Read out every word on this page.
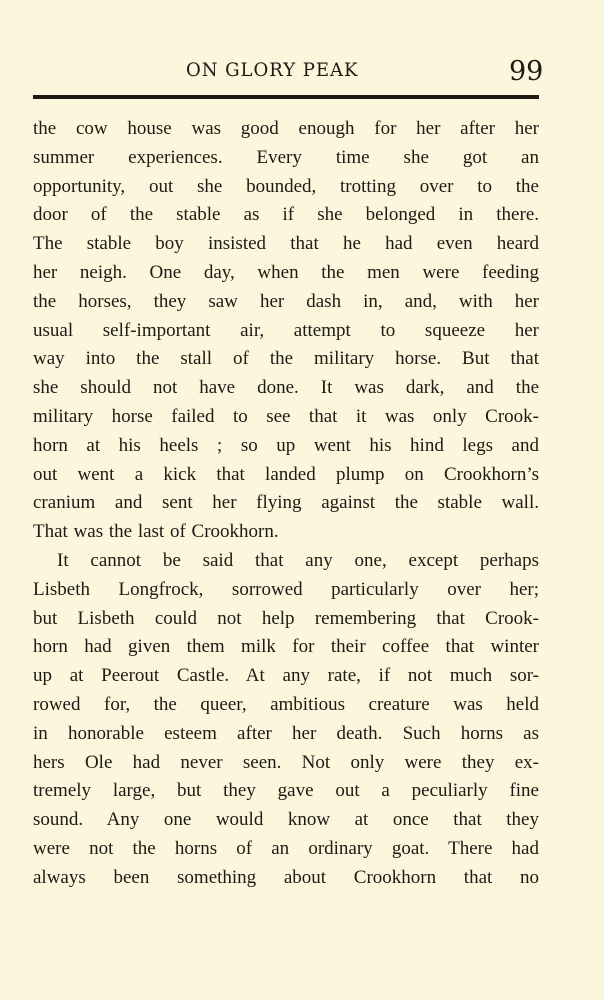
ON GLORY PEAK	99
the cow house was good enough for her after her
summer experiences. Every time she got an
opportunity, out she bounded, trotting over to the
door of the stable as if she belonged in there.
The stable boy insisted that he had even heard
her neigh. One day, when the men were feeding
the horses, they saw her dash in, and, with her
usual self-important air, attempt to squeeze her
way into the stall of the military horse. But that
she should not have done. It was dark, and the
military horse failed to see that it was only Crook-
horn at his heels ; so up went his hind legs and
out went a kick that landed plump on Crookhorn’s
cranium and sent her flying against the stable wall.
That was the last of Crookhorn.
It cannot be said that any one, except perhaps
Lisbeth Longfrock, sorrowed particularly over her;
but Lisbeth could not help remembering that Crook-
horn had given them milk for their coffee that winter
up at Peerout Castle. At any rate, if not much sor-
rowed for, the queer, ambitious creature was held
in honorable esteem after her death. Such horns as
hers Ole had never seen. Not only were they ex-
tremely large, but they gave out a peculiarly fine
sound. Any one would know at once that they
were not the horns of an ordinary goat. There had
always been something about Crookhorn that no
